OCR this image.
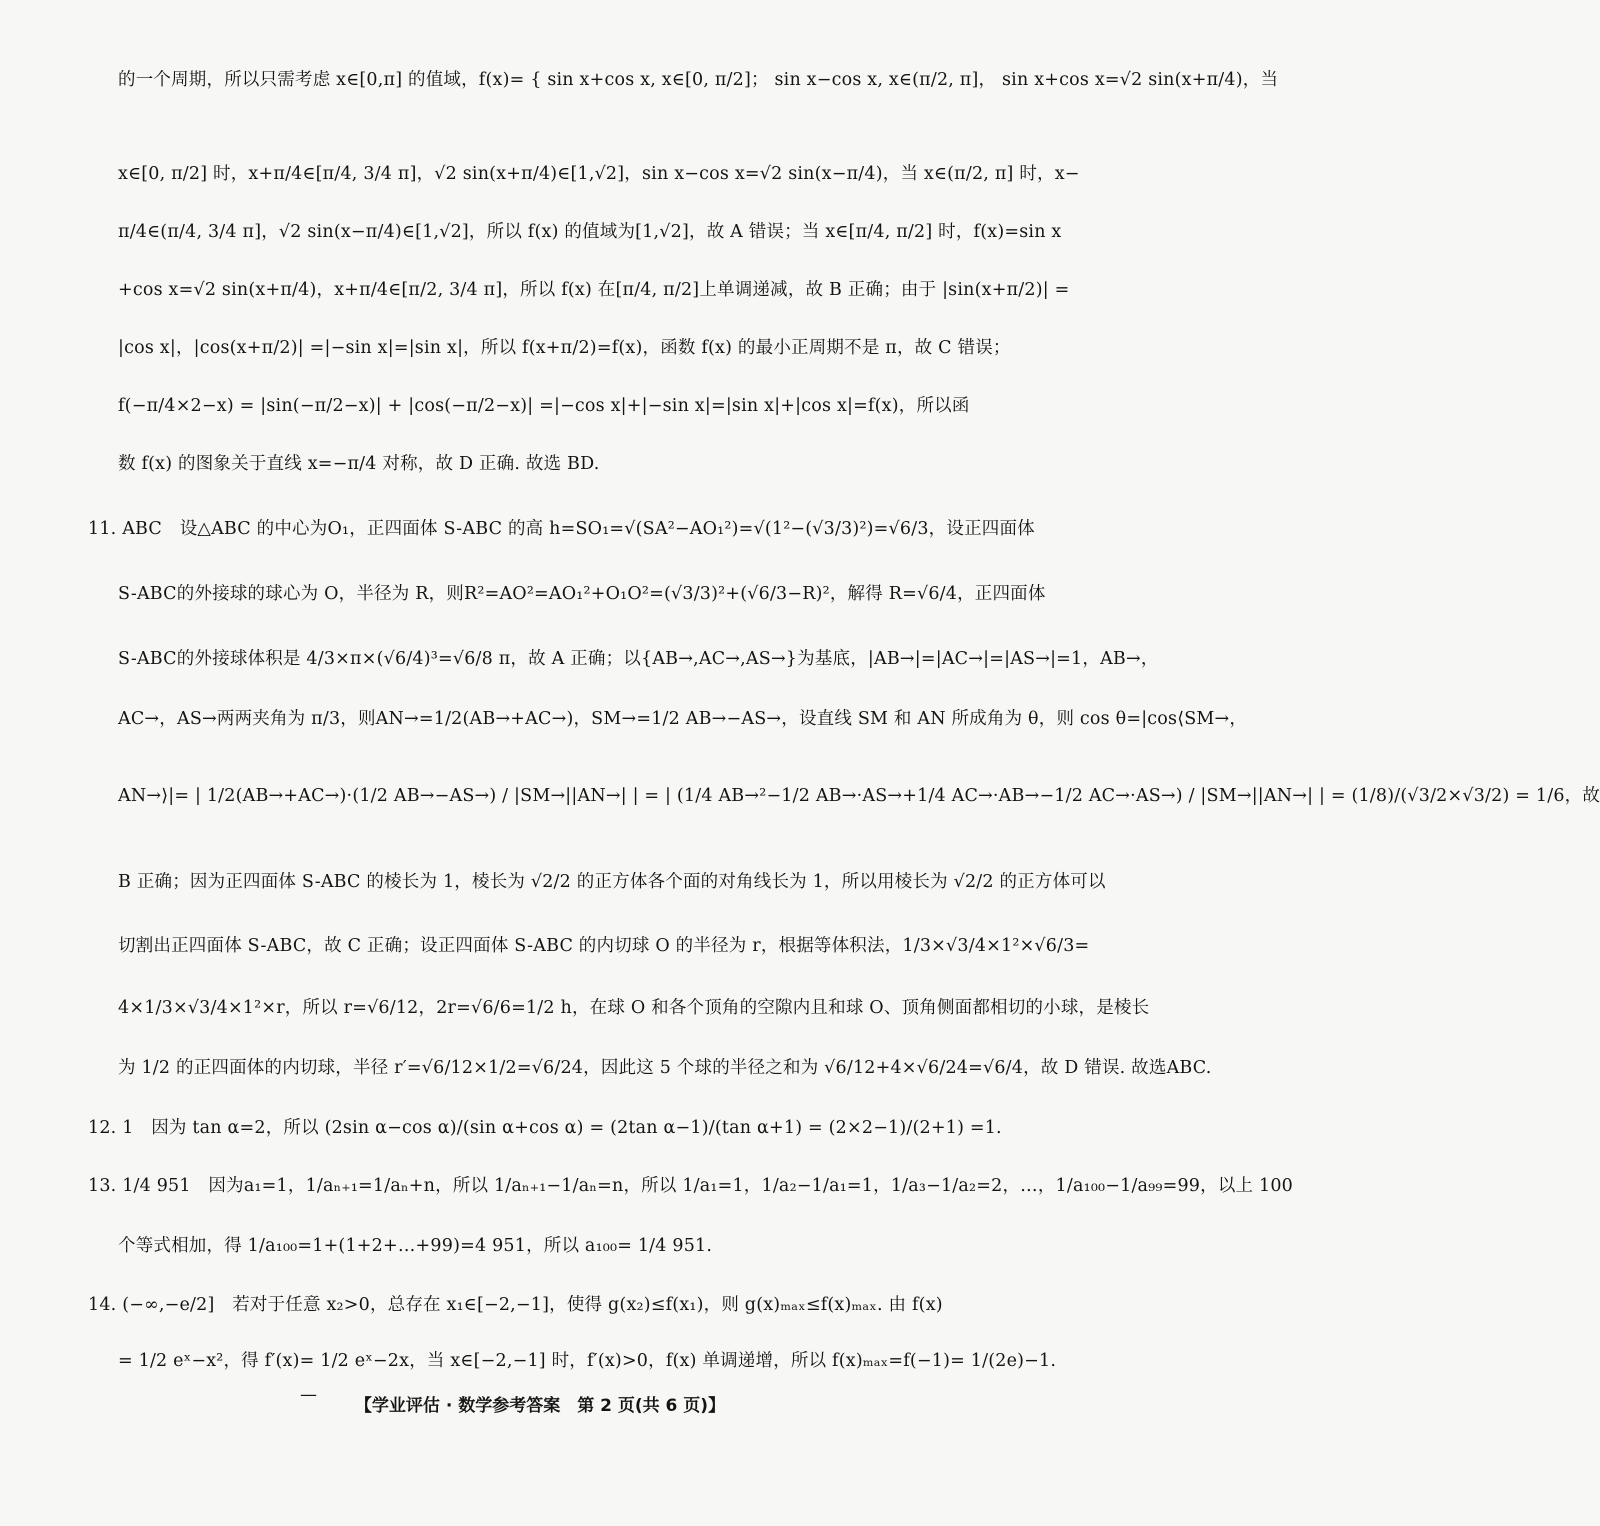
的一个周期，所以只需考虑 x∈[0,π] 的值域，f(x)= { sin x+cos x, x∈[0, π/2]； sin x−cos x, x∈(π/2, π]， sin x+cos x=√2 sin(x+π/4)，当
x∈[0, π/2] 时，x+π/4∈[π/4, 3/4 π]，√2 sin(x+π/4)∈[1,√2]，sin x−cos x=√2 sin(x−π/4)，当 x∈(π/2, π] 时，x−
π/4∈(π/4, 3/4 π]，√2 sin(x−π/4)∈[1,√2]，所以 f(x) 的值域为[1,√2]，故 A 错误；当 x∈[π/4, π/2] 时，f(x)=sin x
+cos x=√2 sin(x+π/4)，x+π/4∈[π/2, 3/4 π]，所以 f(x) 在[π/4, π/2]上单调递减，故 B 正确；由于 |sin(x+π/2)| =
|cos x|，|cos(x+π/2)| =|−sin x|=|sin x|，所以 f(x+π/2)=f(x)，函数 f(x) 的最小正周期不是 π，故 C 错误；
f(−π/4×2−x) = |sin(−π/2−x)| + |cos(−π/2−x)| =|−cos x|+|−sin x|=|sin x|+|cos x|=f(x)，所以函
数 f(x) 的图象关于直线 x=−π/4 对称，故 D 正确. 故选 BD.
11. ABC　设△ABC 的中心为O₁，正四面体 S-ABC 的高 h=SO₁=√(SA²−AO₁²)=√(1²−(√3/3)²)=√6/3，设正四面体
S-ABC的外接球的球心为 O，半径为 R，则R²=AO²=AO₁²+O₁O²=(√3/3)²+(√6/3−R)²，解得 R=√6/4，正四面体
S-ABC的外接球体积是 4/3×π×(√6/4)³=√6/8 π，故 A 正确；以{AB→,AC→,AS→}为基底，|AB→|=|AC→|=|AS→|=1，AB→，
AC→，AS→两两夹角为 π/3，则AN→=1/2(AB→+AC→)，SM→=1/2 AB→−AS→，设直线 SM 和 AN 所成角为 θ，则 cos θ=|cos⟨SM→，
AN→⟩|= | 1/2(AB→+AC→)·(1/2 AB→−AS→) / |SM→||AN→| | = | (1/4 AB→²−1/2 AB→·AS→+1/4 AC→·AB→−1/2 AC→·AS→) / |SM→||AN→| | = (1/8)/(√3/2×√3/2) = 1/6，故
B 正确；因为正四面体 S-ABC 的棱长为 1，棱长为 √2/2 的正方体各个面的对角线长为 1，所以用棱长为 √2/2 的正方体可以
切割出正四面体 S-ABC，故 C 正确；设正四面体 S-ABC 的内切球 O 的半径为 r，根据等体积法，1/3×√3/4×1²×√6/3=
4×1/3×√3/4×1²×r，所以 r=√6/12，2r=√6/6=1/2 h，在球 O 和各个顶角的空隙内且和球 O、顶角侧面都相切的小球，是棱长
为 1/2 的正四面体的内切球，半径 r′=√6/12×1/2=√6/24，因此这 5 个球的半径之和为 √6/12+4×√6/24=√6/4，故 D 错误. 故选ABC.
12. 1　因为 tan α=2，所以 (2sin α−cos α)/(sin α+cos α) = (2tan α−1)/(tan α+1) = (2×2−1)/(2+1) =1.
13. 1/4 951　因为a₁=1，1/aₙ₊₁=1/aₙ+n，所以 1/aₙ₊₁−1/aₙ=n，所以 1/a₁=1，1/a₂−1/a₁=1，1/a₃−1/a₂=2，…，1/a₁₀₀−1/a₉₉=99，以上 100
个等式相加，得 1/a₁₀₀=1+(1+2+…+99)=4 951，所以 a₁₀₀= 1/4 951.
14. (−∞,−e/2]　若对于任意 x₂>0，总存在 x₁∈[−2,−1]，使得 g(x₂)≤f(x₁)，则 g(x)ₘₐₓ≤f(x)ₘₐₓ. 由 f(x)
= 1/2 eˣ−x²，得 f′(x)= 1/2 eˣ−2x，当 x∈[−2,−1] 时，f′(x)>0，f(x) 单调递增，所以 f(x)ₘₐₓ=f(−1)= 1/(2e)−1.
—
【学业评估 · 数学参考答案　第 2 页(共 6 页)】
